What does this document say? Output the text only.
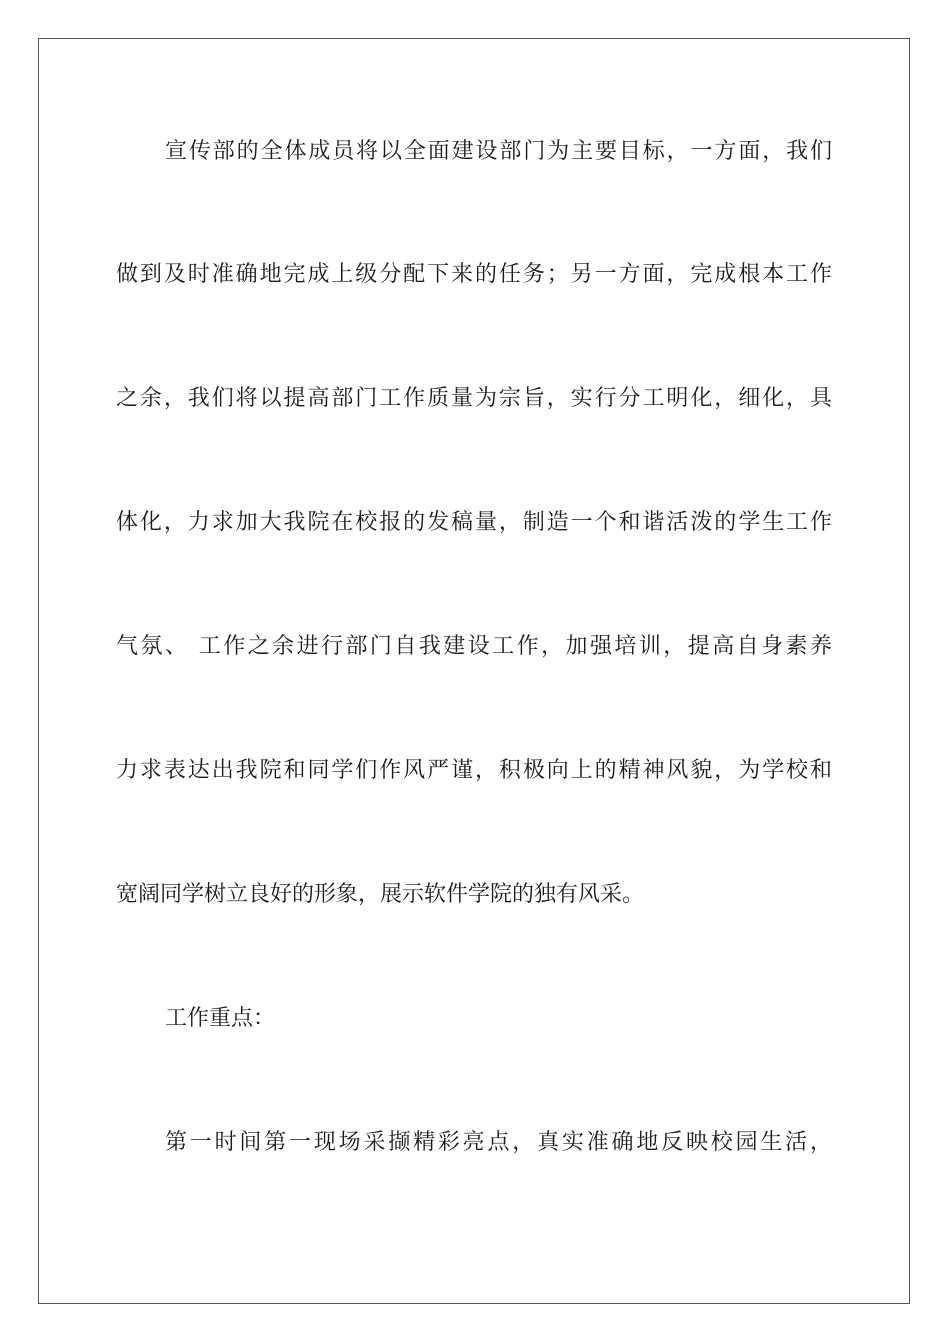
宣传部的全体成员将以全面建设部门为主要目标，一方面，我们
做到及时准确地完成上级分配下来的任务；另一方面，完成根本工作
之余，我们将以提高部门工作质量为宗旨，实行分工明化，细化，具
体化，力求加大我院在校报的发稿量，制造一个和谐活泼的学生工作
气氛、 工作之余进行部门自我建设工作，加强培训，提高自身素养
力求表达出我院和同学们作风严谨，积极向上的精神风貌，为学校和
宽阔同学树立良好的形象，展示软件学院的独有风采。
工作重点：
第一时间第一现场采撷精彩亮点，真实准确地反映校园生活，
